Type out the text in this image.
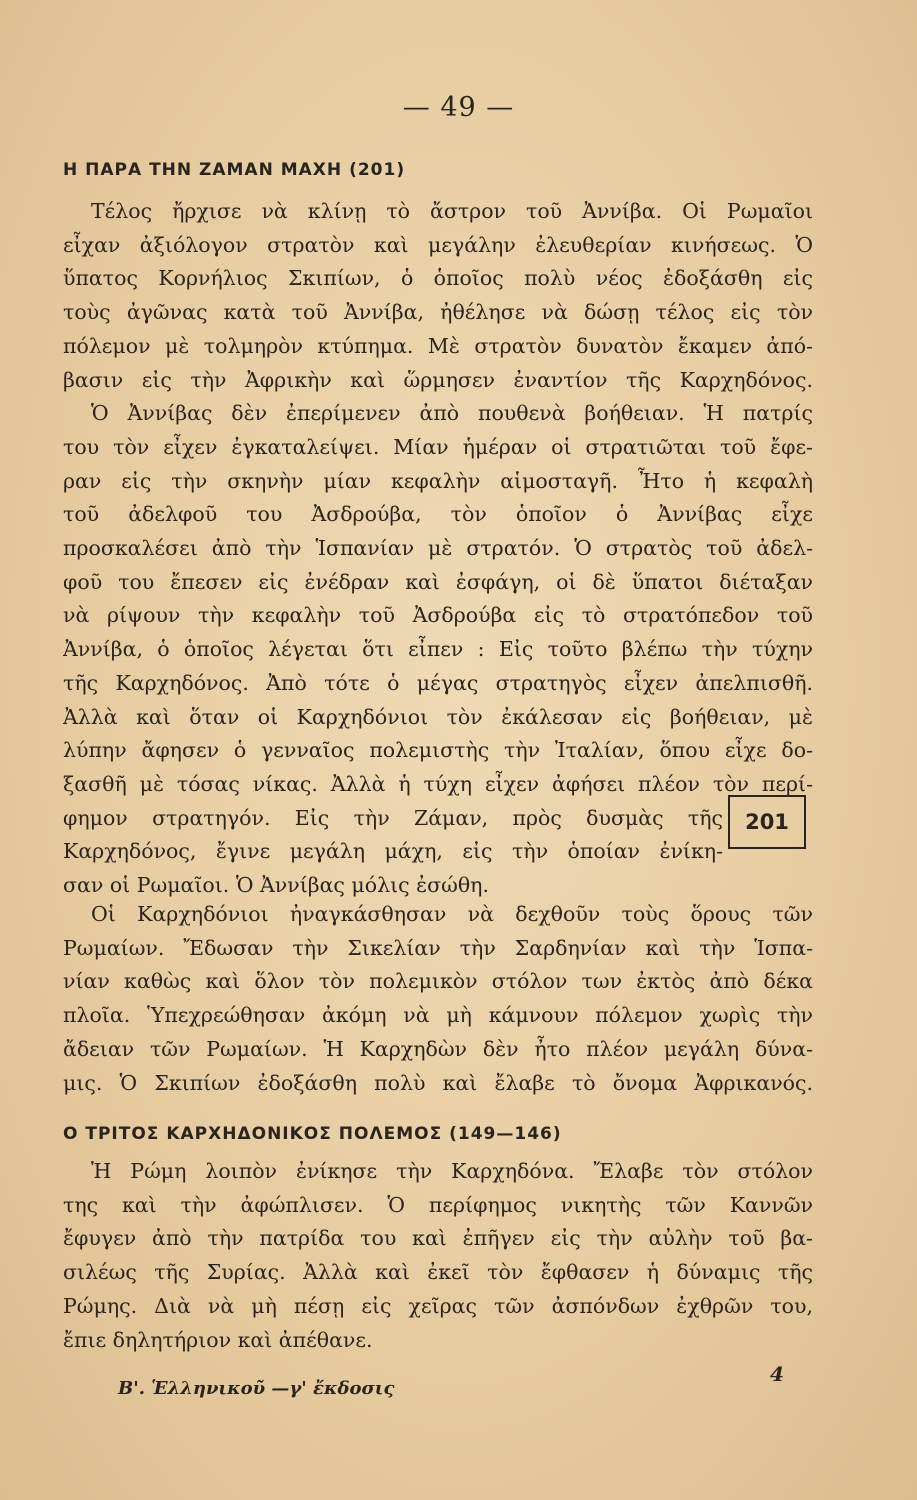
— 49 —
Η ΠΑΡΑ ΤΗΝ ΖΑΜΑΝ ΜΑΧΗ (201)
Τέλος ἤρχισε νὰ κλίνῃ τὸ ἄστρον τοῦ Ἀννίβα. Οἱ Ρωμαῖοι
εἶχαν ἀξιόλογον στρατὸν καὶ μεγάλην ἐλευθερίαν κινήσεως. Ὁ
ὕπατος Κορνήλιος Σκιπίων, ὁ ὁποῖος πολὺ νέος ἐδοξάσθη εἰς
τοὺς ἀγῶνας κατὰ τοῦ Ἀννίβα, ἠθέλησε νὰ δώσῃ τέλος εἰς τὸν
πόλεμον μὲ τολμηρὸν κτύπημα. Μὲ στρατὸν δυνατὸν ἔκαμεν ἀπό-
βασιν εἰς τὴν Ἀφρικὴν καὶ ὥρμησεν ἐναντίον τῆς Καρχηδόνος.
Ὁ Ἀννίβας δὲν ἐπερίμενεν ἀπὸ πουθενὰ βοήθειαν. Ἡ πατρίς
του τὸν εἶχεν ἐγκαταλείψει. Μίαν ἡμέραν οἱ στρατιῶται τοῦ ἔφε-
ραν εἰς τὴν σκηνὴν μίαν κεφαλὴν αἱμοσταγῆ. Ἦτο ἡ κεφαλὴ
τοῦ ἀδελφοῦ του Ἀσδρούβα, τὸν ὁποῖον ὁ Ἀννίβας εἶχε
προσκαλέσει ἀπὸ τὴν Ἱσπανίαν μὲ στρατόν. Ὁ στρατὸς τοῦ ἀδελ-
φοῦ του ἔπεσεν εἰς ἐνέδραν καὶ ἐσφάγη, οἱ δὲ ὕπατοι διέταξαν
νὰ ρίψουν τὴν κεφαλὴν τοῦ Ἀσδρούβα εἰς τὸ στρατόπεδον τοῦ
Ἀννίβα, ὁ ὁποῖος λέγεται ὅτι εἶπεν : Εἰς τοῦτο βλέπω τὴν τύχην
τῆς Καρχηδόνος. Ἀπὸ τότε ὁ μέγας στρατηγὸς εἶχεν ἀπελπισθῆ.
Ἀλλὰ καὶ ὅταν οἱ Καρχηδόνιοι τὸν ἐκάλεσαν εἰς βοήθειαν, μὲ
λύπην ἄφησεν ὁ γενναῖος πολεμιστὴς τὴν Ἰταλίαν, ὅπου εἶχε δο-
ξασθῆ μὲ τόσας νίκας. Ἀλλὰ ἡ τύχη εἶχεν ἀφήσει πλέον τὸν περί-
φημον στρατηγόν. Εἰς τὴν Ζάμαν, πρὸς δυσμὰς τῆς
Καρχηδόνος, ἔγινε μεγάλη μάχη, εἰς τὴν ὁποίαν ἐνίκη-
σαν οἱ Ρωμαῖοι. Ὁ Ἀννίβας μόλις ἐσώθη.
201
Οἱ Καρχηδόνιοι ἠναγκάσθησαν νὰ δεχθοῦν τοὺς ὅρους τῶν
Ρωμαίων. Ἔδωσαν τὴν Σικελίαν τὴν Σαρδηνίαν καὶ τὴν Ἱσπα-
νίαν καθὼς καὶ ὅλον τὸν πολεμικὸν στόλον των ἐκτὸς ἀπὸ δέκα
πλοῖα. Ὑπεχρεώθησαν ἀκόμη νὰ μὴ κάμνουν πόλεμον χωρὶς τὴν
ἄδειαν τῶν Ρωμαίων. Ἡ Καρχηδὼν δὲν ἦτο πλέον μεγάλη δύνα-
μις. Ὁ Σκιπίων ἐδοξάσθη πολὺ καὶ ἔλαβε τὸ ὄνομα Ἀφρικανός.
Ο ΤΡΙΤΟΣ ΚΑΡΧΗΔΟΝΙΚΟΣ ΠΟΛΕΜΟΣ (149—146)
Ἡ Ρώμη λοιπὸν ἐνίκησε τὴν Καρχηδόνα. Ἔλαβε τὸν στόλον
της καὶ τὴν ἀφώπλισεν. Ὁ περίφημος νικητὴς τῶν Καννῶν
ἔφυγεν ἀπὸ τὴν πατρίδα του καὶ ἐπῆγεν εἰς τὴν αὐλὴν τοῦ βα-
σιλέως τῆς Συρίας. Ἀλλὰ καὶ ἐκεῖ τὸν ἔφθασεν ἡ δύναμις τῆς
Ρώμης. Διὰ νὰ μὴ πέσῃ εἰς χεῖρας τῶν ἀσπόνδων ἐχθρῶν του,
ἔπιε δηλητήριον καὶ ἀπέθανε.
Β'. Ἑλληνικοῦ —γ' ἔκδοσις
4
